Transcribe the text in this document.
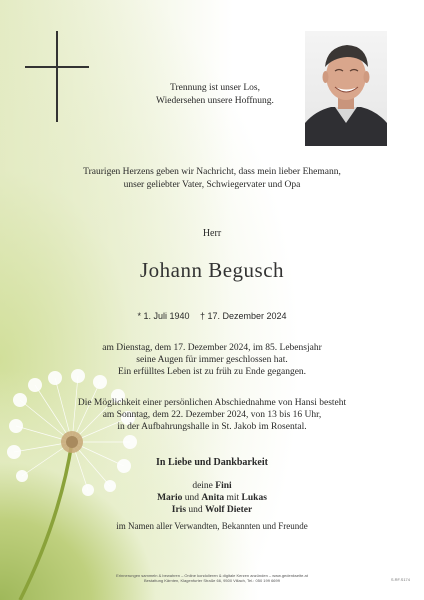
Trennung ist unser Los,
Wiedersehen unsere Hoffnung.
Traurigen Herzens geben wir Nachricht, dass mein lieber Ehemann,
unser geliebter Vater, Schwiegervater und Opa
Herr
Johann Begusch
* 1. Juli 1940 † 17. Dezember 2024
am Dienstag, dem 17. Dezember 2024, im 85. Lebensjahr
seine Augen für immer geschlossen hat.
Ein erfülltes Leben ist zu früh zu Ende gegangen.
Die Möglichkeit einer persönlichen Abschiednahme von Hansi besteht
am Sonntag, dem 22. Dezember 2024, von 13 bis 16 Uhr,
in der Aufbahrungshalle in St. Jakob im Rosental.
In Liebe und Dankbarkeit
deine Fini
Mario und Anita mit Lukas
Iris und Wolf Dieter
im Namen aller Verwandten, Bekannten und Freunde
Erinnerungen sammeln & bewahren – Online kondolieren & digitale Kerzen anzünden – www.gedenkseite.at
Bestattung Kärnten, Klagenfurter Straße 66, 9500 Villach, Tel.: 050 199 6699	S.RF.S174
